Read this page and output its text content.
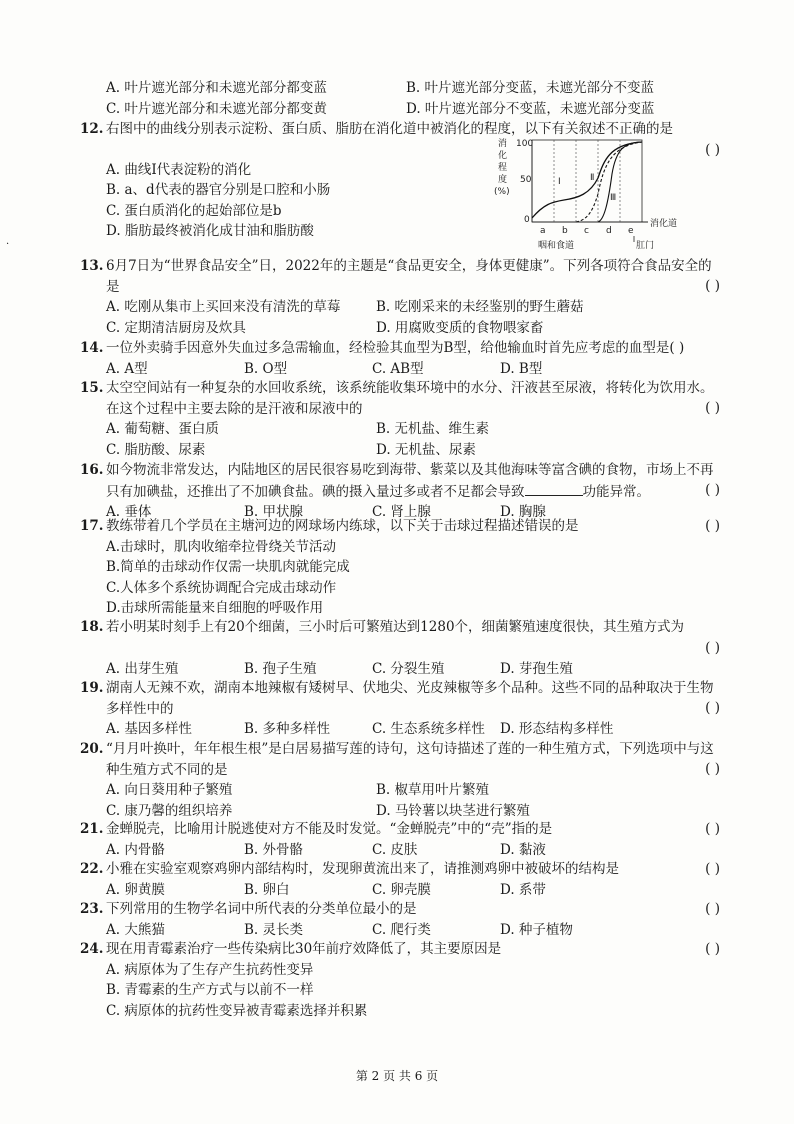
A. 叶片遮光部分和未遮光部分都变蓝	B. 叶片遮光部分变蓝，未遮光部分不变蓝
C. 叶片遮光部分和未遮光部分都变黄	D. 叶片遮光部分不变蓝，未遮光部分变蓝
12. 右图中的曲线分别表示淀粉、蛋白质、脂肪在消化道中被消化的程度，以下有关叙述不正确的是
( )
A. 曲线Ⅰ代表淀粉的消化
B. a、d代表的器官分别是口腔和小肠
C. 蛋白质消化的起始部位是b
D. 脂肪最终被消化成甘油和脂肪酸
消
化
程
度
(%)
100
50
0
Ⅰ	Ⅱ
Ⅲ
a b c d e
消化道
咽和食道	肛门
.
13. 6月7日为“世界食品安全”日，2022年的主题是“食品更安全，身体更健康”。下列各项符合食品安全的是	( )
A. 吃刚从集市上买回来没有清洗的草莓	B. 吃刚采来的未经鉴别的野生蘑菇
C. 定期清洁厨房及炊具	D. 用腐败变质的食物喂家畜
14. 一位外卖骑手因意外失血过多急需输血，经检验其血型为B型，给他输血时首先应考虑的血型是( )
A. A型	B. O型	C. AB型	D. B型
15. 太空空间站有一种复杂的水回收系统，该系统能收集环境中的水分、汗液甚至尿液，将转化为饮用水。在这个过程中主要去除的是汗液和尿液中的	( )
A. 葡萄糖、蛋白质	B. 无机盐、维生素
C. 脂肪酸、尿素	D. 无机盐、尿素
16. 如今物流非常发达，内陆地区的居民很容易吃到海带、紫菜以及其他海味等富含碘的食物，市场上不再只有加碘盐，还推出了不加碘食盐。碘的摄入量过多或者不足都会导致	功能异常。	( )
A. 垂体	B. 甲状腺	C. 肾上腺	D. 胸腺
17. 教练带着几个学员在主塘河边的网球场内练球，以下关于击球过程描述错误的是	( )
A.击球时，肌肉收缩牵拉骨绕关节活动
B.简单的击球动作仅需一块肌肉就能完成
C.人体多个系统协调配合完成击球动作
D.击球所需能量来自细胞的呼吸作用
18. 若小明某时刻手上有20个细菌，三小时后可繁殖达到1280个，细菌繁殖速度很快，其生殖方式为
( )
A. 出芽生殖	B. 孢子生殖	C. 分裂生殖	D. 芽孢生殖
19. 湖南人无辣不欢，湖南本地辣椒有矮树早、伏地尖、光皮辣椒等多个品种。这些不同的品种取决于生物多样性中的	( )
A. 基因多样性	B. 多种多样性	C. 生态系统多样性	D. 形态结构多样性
20. “月月叶换叶，年年根生根”是白居易描写莲的诗句，这句诗描述了莲的一种生殖方式，下列选项中与这种生殖方式不同的是	( )
A. 向日葵用种子繁殖	B. 椒草用叶片繁殖
C. 康乃馨的组织培养	D. 马铃薯以块茎进行繁殖
21. 金蝉脱壳，比喻用计脱逃使对方不能及时发觉。“金蝉脱壳”中的“壳”指的是	( )
A. 内骨骼	B. 外骨骼	C. 皮肤	D. 黏液
22. 小雅在实验室观察鸡卵内部结构时，发现卵黄流出来了，请推测鸡卵中被破坏的结构是	( )
A. 卵黄膜	B. 卵白	C. 卵壳膜	D. 系带
23. 下列常用的生物学名词中所代表的分类单位最小的是	( )
A. 大熊猫	B. 灵长类	C. 爬行类	D. 种子植物
24. 现在用青霉素治疗一些传染病比30年前疗效降低了，其主要原因是	( )
A. 病原体为了生存产生抗药性变异
B. 青霉素的生产方式与以前不一样
C. 病原体的抗药性变异被青霉素选择并积累
第 2 页 共 6 页
